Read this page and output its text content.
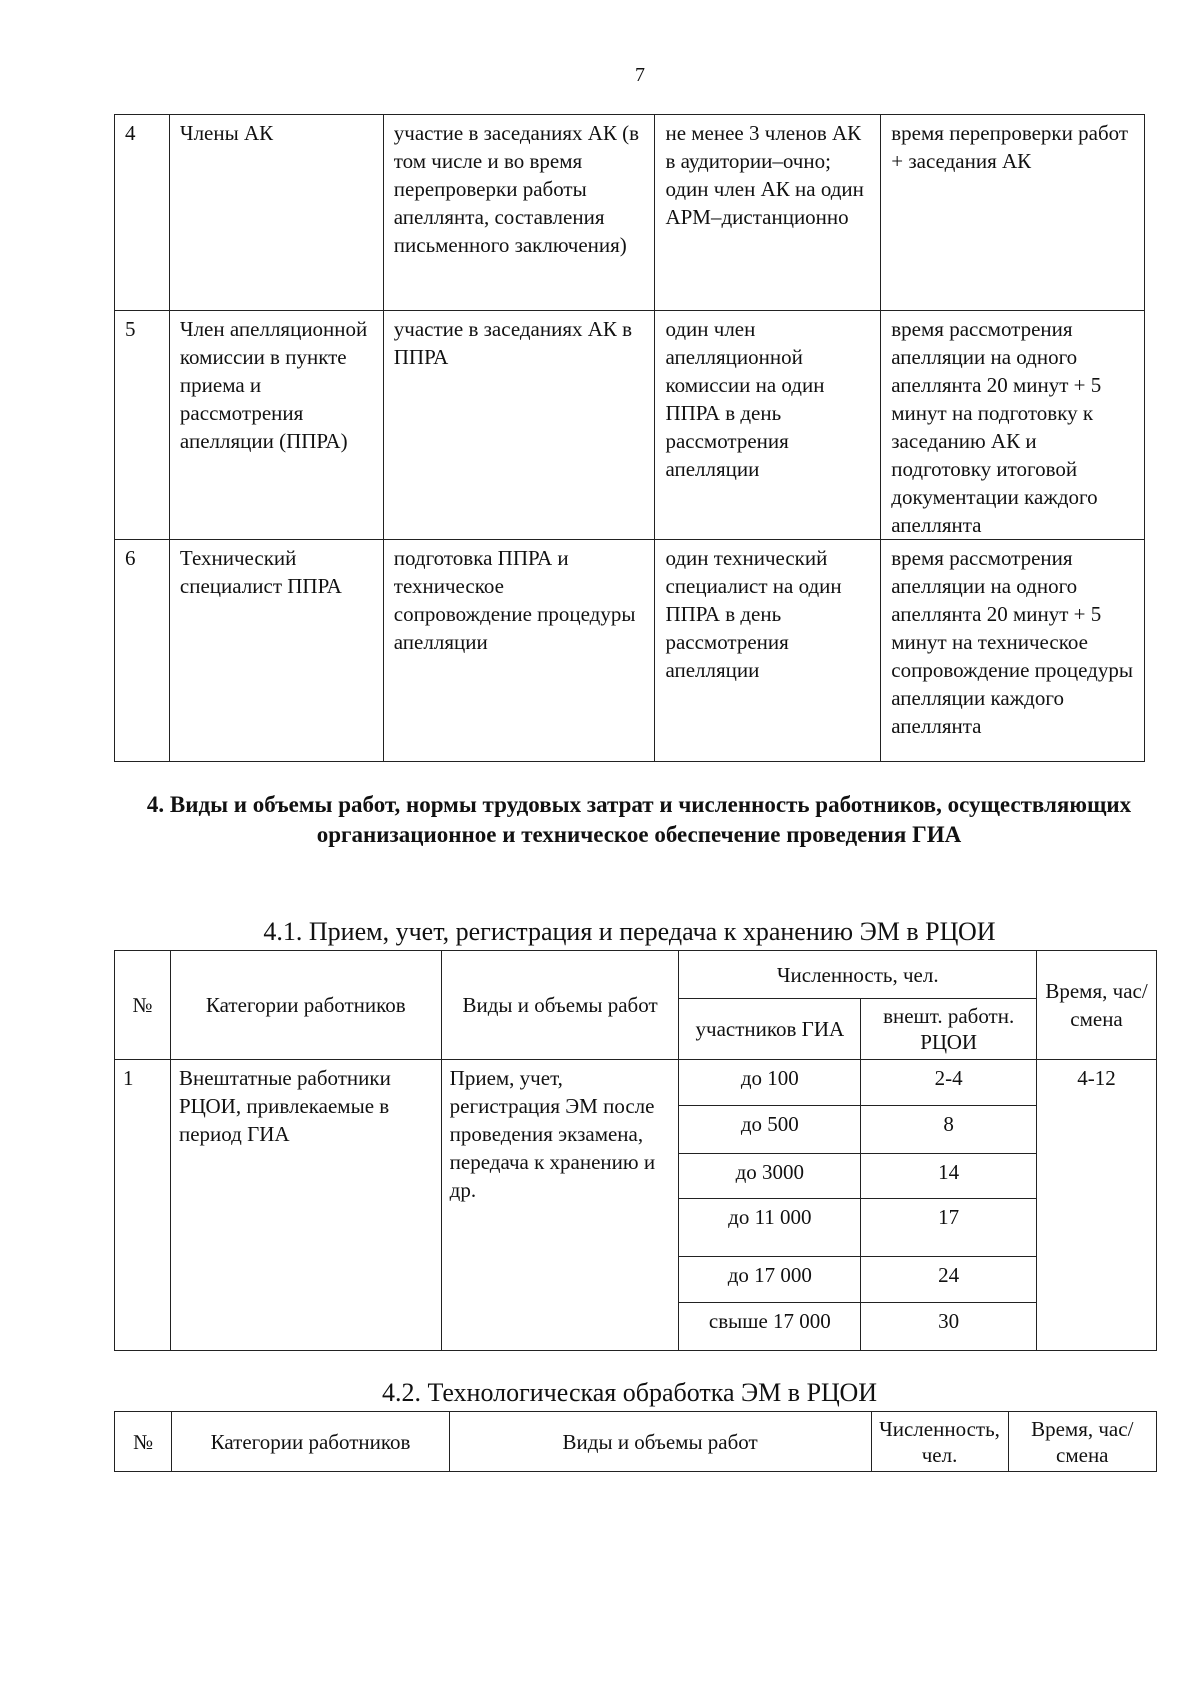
7
4	Члены АК	участие в заседаниях АК (в том числе и во время перепроверки работы апеллянта, составления письменного заключения)	не менее 3 членов АК в аудитории–очно; один член АК на один АРМ–дистанционно	время перепроверки работ + заседания АК
5	Член апелляционной комиссии в пункте приема и рассмотрения апелляции (ППРА)	участие в заседаниях АК в ППРА	один член апелляционной комиссии на один ППРА в день рассмотрения апелляции	время рассмотрения апелляции на одного апеллянта 20 минут + 5 минут на подготовку к заседанию АК и подготовку итоговой документации каждого апеллянта
6	Технический специалист ППРА	подготовка ППРА и техническое сопровождение процедуры апелляции	один технический специалист на один ППРА в день рассмотрения апелляции	время рассмотрения апелляции на одного апеллянта 20 минут + 5 минут на техническое сопровождение процедуры апелляции каждого апеллянта
4. Виды и объемы работ, нормы трудовых затрат и численность работников, осуществляющих организационное и техническое обеспечение проведения ГИА
4.1. Прием, учет, регистрация и передача к хранению ЭМ в РЦОИ
№	Категории работников	Виды и объемы работ	Численность, чел.		Время, час/смена
			участников ГИА	внешт. работн. РЦОИ	
1	Внештатные работники РЦОИ, привлекаемые в период ГИА	Прием, учет, регистрация ЭМ после проведения экзамена, передача к хранению и др.	до 100	2-4	4-12
			до 500	8	
			до 3000	14	
			до 11 000	17	
			до 17 000	24	
			свыше 17 000	30	
4.2. Технологическая обработка ЭМ в РЦОИ
№	Категории работников	Виды и объемы работ	Численность, чел.	Время, час/смена
